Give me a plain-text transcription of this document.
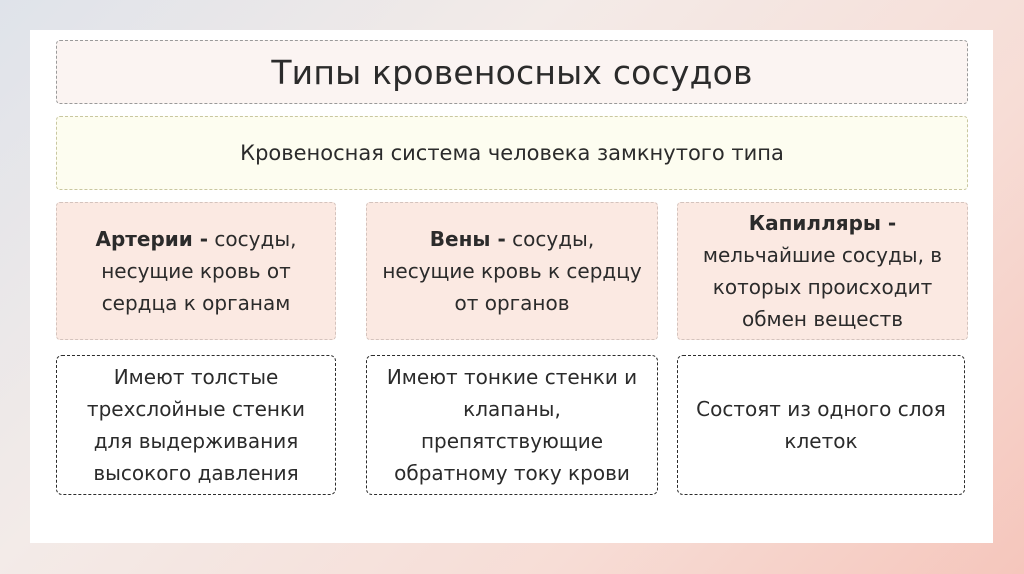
Типы кровеносных сосудов
Кровеносная система человека замкнутого типа
Артерии - сосуды, несущие кровь от сердца к органам
Вены - сосуды, несущие кровь к сердцу от органов
Капилляры - мельчайшие сосуды, в которых происходит обмен веществ
Имеют толстые трехслойные стенки для выдерживания высокого давления
Имеют тонкие стенки и клапаны, препятствующие обратному току крови
Состоят из одного слоя клеток
